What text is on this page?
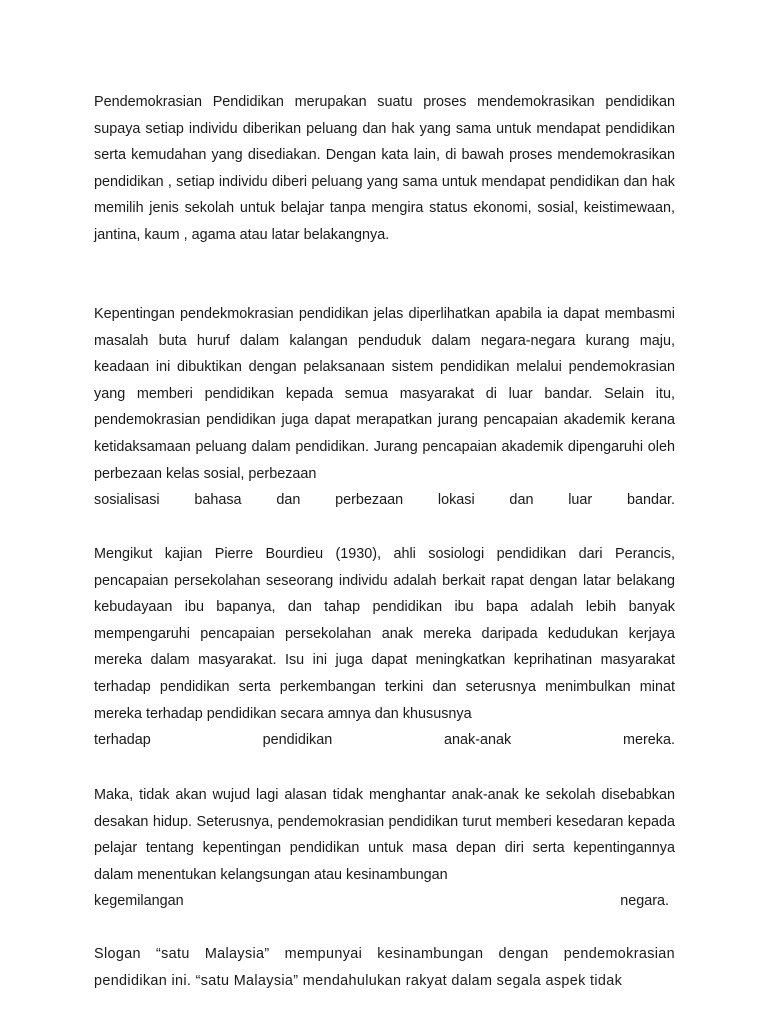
Pendemokrasian Pendidikan merupakan suatu proses mendemokrasikan pendidikan supaya setiap individu diberikan peluang dan hak yang sama untuk mendapat pendidikan serta kemudahan yang disediakan. Dengan kata lain, di bawah proses mendemokrasikan pendidikan , setiap individu diberi peluang yang sama untuk mendapat pendidikan dan hak memilih jenis sekolah untuk belajar tanpa mengira status ekonomi, sosial, keistimewaan, jantina, kaum , agama atau latar belakangnya.

Kepentingan pendekmokrasian pendidikan jelas diperlihatkan apabila ia dapat membasmi masalah buta huruf dalam kalangan penduduk dalam negara-negara kurang maju, keadaan ini dibuktikan dengan pelaksanaan sistem pendidikan melalui pendemokrasian yang memberi pendidikan kepada semua masyarakat di luar bandar. Selain itu, pendemokrasian pendidikan juga dapat merapatkan jurang pencapaian akademik kerana ketidaksamaan peluang dalam pendidikan. Jurang pencapaian akademik dipengaruhi oleh perbezaan kelas sosial, perbezaan
sosialisasi bahasa dan perbezaan lokasi dan luar bandar.

Mengikut kajian Pierre Bourdieu (1930), ahli sosiologi pendidikan dari Perancis, pencapaian persekolahan seseorang individu adalah berkait rapat dengan latar belakang kebudayaan ibu bapanya, dan tahap pendidikan ibu bapa adalah lebih banyak mempengaruhi pencapaian persekolahan anak mereka daripada kedudukan kerjaya mereka dalam masyarakat. Isu ini juga dapat meningkatkan keprihatinan masyarakat terhadap pendidikan serta perkembangan terkini dan seterusnya menimbulkan minat mereka terhadap pendidikan secara amnya dan khususnya
terhadap pendidikan anak-anak mereka.

Maka, tidak akan wujud lagi alasan tidak menghantar anak-anak ke sekolah disebabkan desakan hidup. Seterusnya, pendemokrasian pendidikan turut memberi kesedaran kepada pelajar tentang kepentingan pendidikan untuk masa depan diri serta kepentingannya dalam menentukan kelangsungan atau kesinambungan

kegemilangan	negara.

Slogan “satu Malaysia” mempunyai kesinambungan dengan pendemokrasian pendidikan ini. “satu Malaysia” mendahulukan rakyat dalam segala aspek tidak
